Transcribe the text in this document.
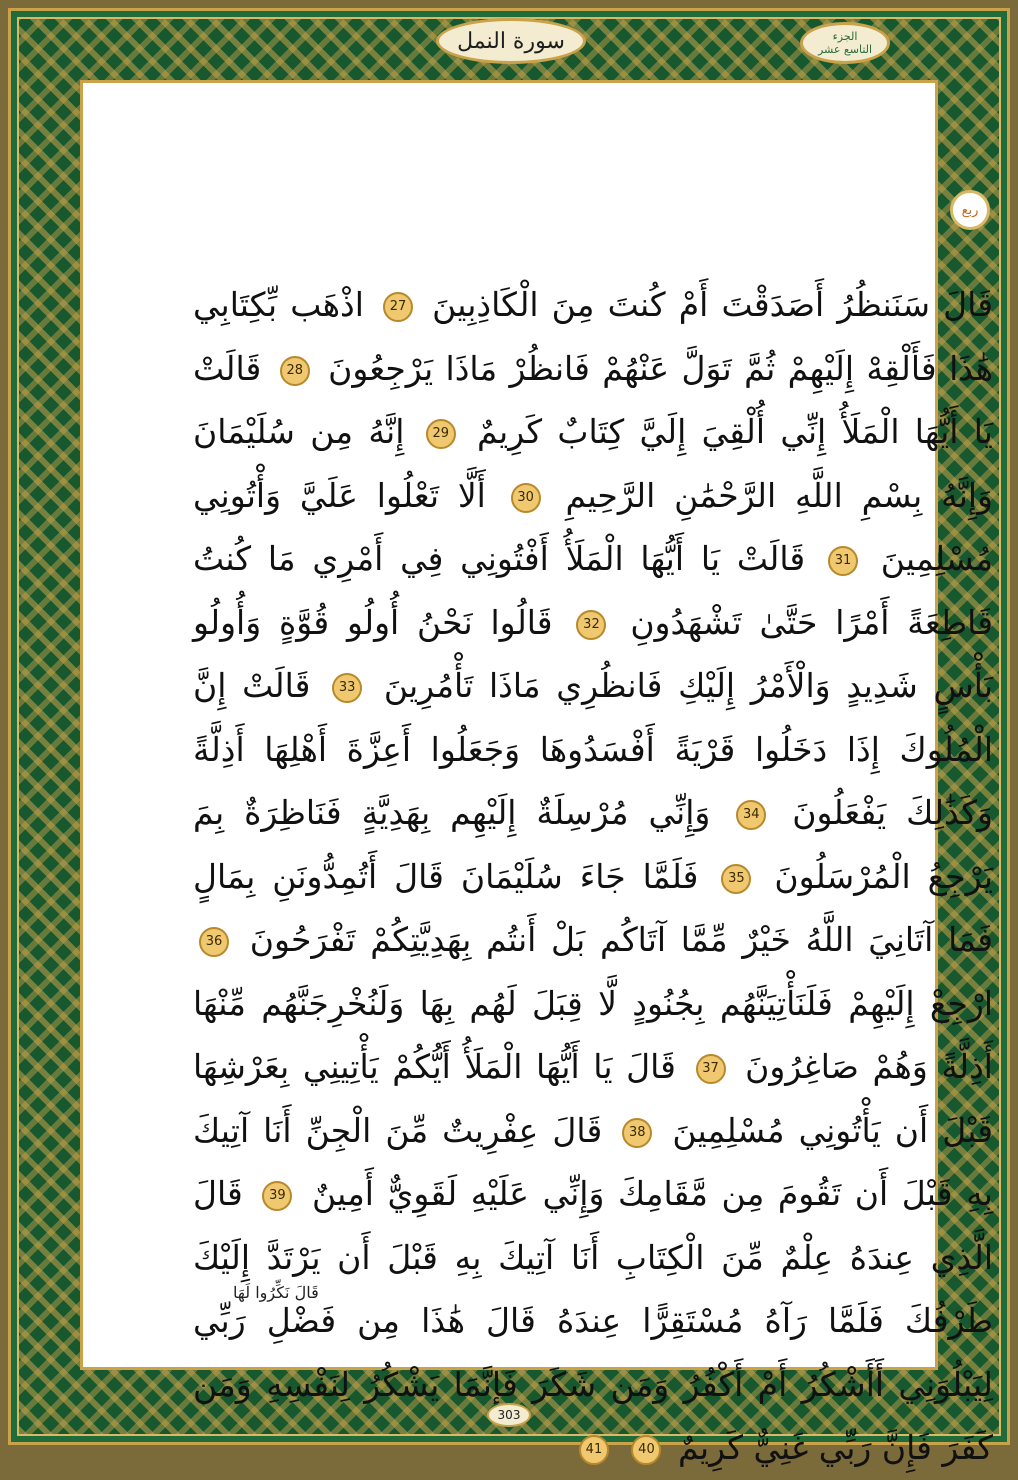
قَالَ سَنَنظُرُ أَصَدَقْتَ أَمْ كُنتَ مِنَ الْكَاذِبِينَ 27 اذْهَب بِّكِتَابِي هَٰذَا فَأَلْقِهْ إِلَيْهِمْ ثُمَّ تَوَلَّ عَنْهُمْ فَانظُرْ مَاذَا يَرْجِعُونَ 28 قَالَتْ يَا أَيُّهَا الْمَلَأُ إِنِّي أُلْقِيَ إِلَيَّ كِتَابٌ كَرِيمٌ 29 إِنَّهُ مِن سُلَيْمَانَ وَإِنَّهُ بِسْمِ اللَّهِ الرَّحْمَٰنِ الرَّحِيمِ 30 أَلَّا تَعْلُوا عَلَيَّ وَأْتُونِي مُسْلِمِينَ 31 قَالَتْ يَا أَيُّهَا الْمَلَأُ أَفْتُونِي فِي أَمْرِي مَا كُنتُ قَاطِعَةً أَمْرًا حَتَّىٰ تَشْهَدُونِ 32 قَالُوا نَحْنُ أُولُو قُوَّةٍ وَأُولُو بَأْسٍ شَدِيدٍ وَالْأَمْرُ إِلَيْكِ فَانظُرِي مَاذَا تَأْمُرِينَ 33 قَالَتْ إِنَّ الْمُلُوكَ إِذَا دَخَلُوا قَرْيَةً أَفْسَدُوهَا وَجَعَلُوا أَعِزَّةَ أَهْلِهَا أَذِلَّةً وَكَذَٰلِكَ يَفْعَلُونَ 34 وَإِنِّي مُرْسِلَةٌ إِلَيْهِم بِهَدِيَّةٍ فَنَاظِرَةٌ بِمَ يَرْجِعُ الْمُرْسَلُونَ 35 فَلَمَّا جَاءَ سُلَيْمَانَ قَالَ أَتُمِدُّونَنِ بِمَالٍ فَمَا آتَانِيَ اللَّهُ خَيْرٌ مِّمَّا آتَاكُم بَلْ أَنتُم بِهَدِيَّتِكُمْ تَفْرَحُونَ 36 ارْجِعْ إِلَيْهِمْ فَلَنَأْتِيَنَّهُم بِجُنُودٍ لَّا قِبَلَ لَهُم بِهَا وَلَنُخْرِجَنَّهُم مِّنْهَا أَذِلَّةً وَهُمْ صَاغِرُونَ 37 قَالَ يَا أَيُّهَا الْمَلَأُ أَيُّكُمْ يَأْتِينِي بِعَرْشِهَا قَبْلَ أَن يَأْتُونِي مُسْلِمِينَ 38 قَالَ عِفْرِيتٌ مِّنَ الْجِنِّ أَنَا آتِيكَ بِهِ قَبْلَ أَن تَقُومَ مِن مَّقَامِكَ وَإِنِّي عَلَيْهِ لَقَوِيٌّ أَمِينٌ 39 قَالَ الَّذِي عِندَهُ عِلْمٌ مِّنَ الْكِتَابِ أَنَا آتِيكَ بِهِ قَبْلَ أَن يَرْتَدَّ إِلَيْكَ طَرْفُكَ فَلَمَّا رَآهُ مُسْتَقِرًّا عِندَهُ قَالَ هَٰذَا مِن فَضْلِ رَبِّي لِيَبْلُوَنِي أَأَشْكُرُ أَمْ أَكْفُرُ وَمَن شَكَرَ فَإِنَّمَا يَشْكُرُ لِنَفْسِهِ وَمَن كَفَرَ فَإِنَّ رَبِّي غَنِيٌّ كَرِيمٌ 40 41
قَالَ نَكِّرُوا لَهَا
سورة النمل	الجزء
التاسع عشر
ربع
303
